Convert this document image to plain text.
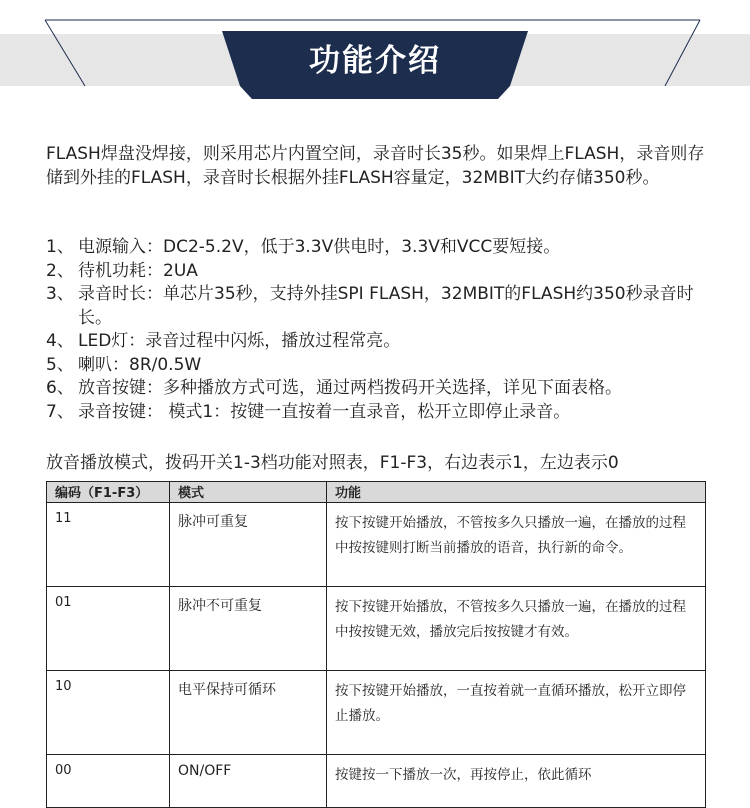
功能介绍
FLASH焊盘没焊接，则采用芯片内置空间，录音时长35秒。如果焊上FLASH，录音则存储到外挂的FLASH，录音时长根据外挂FLASH容量定，32MBIT大约存储350秒。
1、 电源输入：DC2-5.2V，低于3.3V供电时，3.3V和VCC要短接。
2、 待机功耗：2UA
3、 录音时长：单芯片35秒，支持外挂SPI FLASH，32MBIT的FLASH约350秒录音时长。
4、 LED灯：录音过程中闪烁，播放过程常亮。
5、 喇叭：8R/0.5W
6、 放音按键：多种播放方式可选，通过两档拨码开关选择，详见下面表格。
7、 录音按键： 模式1：按键一直按着一直录音，松开立即停止录音。
放音播放模式，拨码开关1-3档功能对照表，F1-F3，右边表示1，左边表示0
编码（F1-F3）	模式	功能
11	脉冲可重复	按下按键开始播放，不管按多久只播放一遍，在播放的过程中按按键则打断当前播放的语音，执行新的命令。
01	脉冲不可重复	按下按键开始播放，不管按多久只播放一遍，在播放的过程中按按键无效，播放完后按按键才有效。
10	电平保持可循环	按下按键开始播放，一直按着就一直循环播放，松开立即停止播放。
00	ON/OFF	按键按一下播放一次，再按停止，依此循环
